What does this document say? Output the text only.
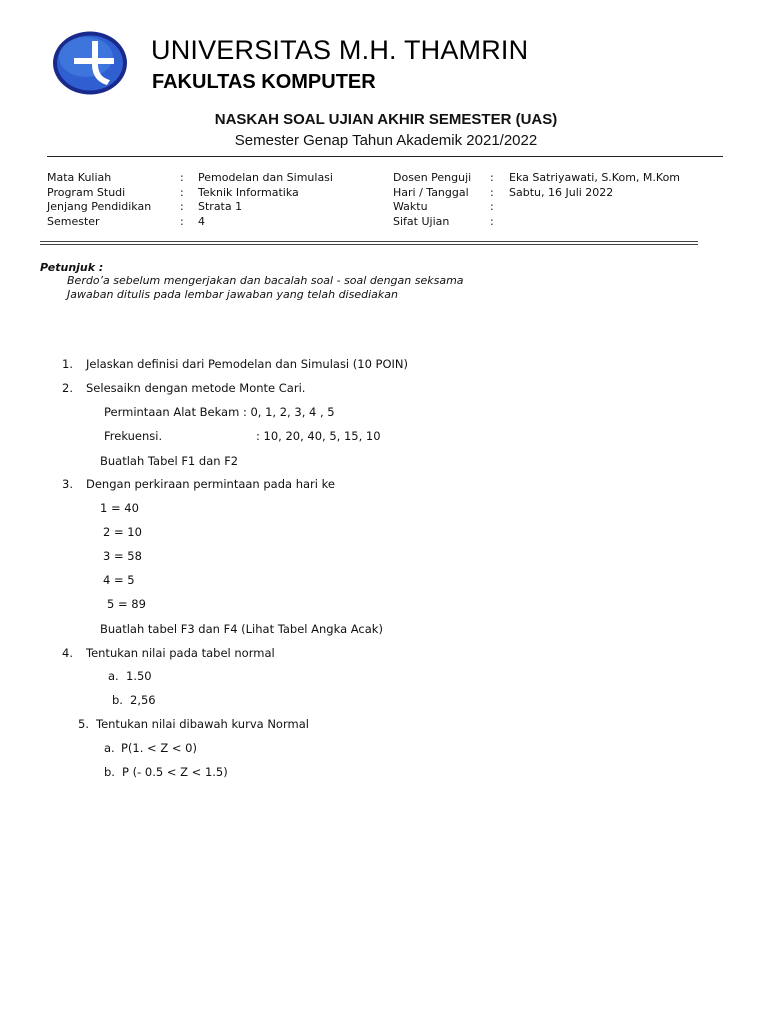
UNIVERSITAS M.H. THAMRIN
FAKULTAS KOMPUTER
NASKAH SOAL UJIAN AKHIR SEMESTER (UAS)
Semester Genap Tahun Akademik 2021/2022
Mata Kuliah	: Pemodelan dan Simulasi	Dosen Penguji : Eka Satriyawati, S.Kom, M.Kom
Program Studi	: Teknik Informatika	Hari / Tanggal : Sabtu, 16 Juli 2022
Jenjang Pendidikan	: Strata 1	Waktu	:
Semester	: 4	Sifat Ujian	:
Petunjuk :
Berdo’a sebelum mengerjakan dan bacalah soal - soal dengan seksama
Jawaban ditulis pada lembar jawaban yang telah disediakan
1. Jelaskan definisi dari Pemodelan dan Simulasi (10 POIN)
2. Selesaikn dengan metode Monte Cari.
Permintaan Alat Bekam : 0, 1, 2, 3, 4 , 5
Frekuensi.	: 10, 20, 40, 5, 15, 10
Buatlah Tabel F1 dan F2
3. Dengan perkiraan permintaan pada hari ke
1 = 40
2 = 10
3 = 58
4 = 5
5 = 89
Buatlah tabel F3 dan F4 (Lihat Tabel Angka Acak)
4. Tentukan nilai pada tabel normal
a. 1.50
b. 2,56
5. Tentukan nilai dibawah kurva Normal
a. P(1. < Z < 0)
b. P (- 0.5 < Z < 1.5)
